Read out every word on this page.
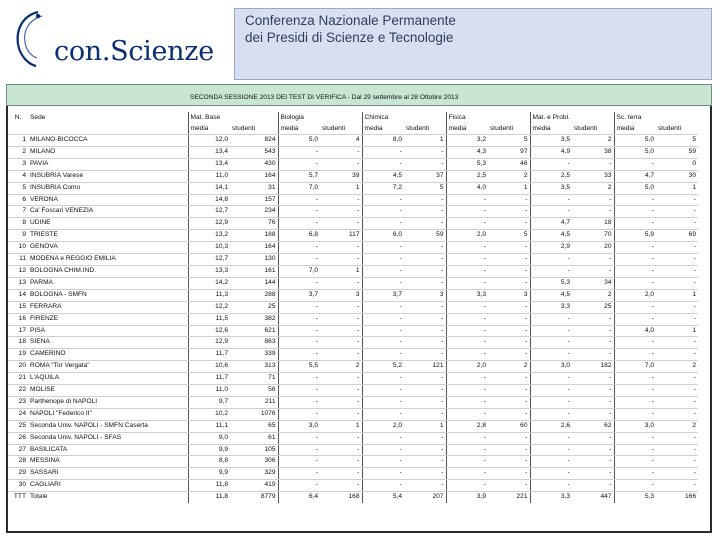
con.Scienze
Conferenza Nazionale Permanente
dei Presidi di Scienze e Tecnologie
SECONDA SESSIONE 2013 DEI TEST DI VERIFICA - Dal 29 settembre al 28 Ottobre 2013
N.	Sede	Mat. Base		Biologia		Chimica		Fisica		Mat. e Probl.		Sc. terra	
		media	studenti	media	studenti	media	studenti	media	studenti	media	studenti	media	studenti
1	MILANO-BICOCCA	12,0	824	5,0	4	8,0	1	3,2	5	3,5	2	5,0	5
2	MILANO	13,4	543	-	-	-	-	4,3	97	4,9	38	5,0	59
3	PAVIA	13,4	430	-	-	-	-	5,3	46	-	-	-	0
4	INSUBRIA Varese	11,0	164	5,7	39	4,5	37	2,5	2	2,5	33	4,7	30
5	INSUBRIA Como	14,1	31	7,0	1	7,2	5	4,0	1	3,5	2	5,0	1
6	VERONA	14,8	157	-	-	-	-	-	-	-	-	-	-
7	Ca' Foscari VENEZIA	12,7	234	-	-	-	-	-	-	-	-	-	-
8	UDINE	12,9	76	-	-	-	-	-	-	4,7	18	-	-
9	TRIESTE	13,2	188	6,8	117	6,0	59	2,0	5	4,5	70	5,9	69
10	GENOVA	10,3	164	-	-	-	-	-	-	2,9	20	-	-
11	MODENA e REGGIO EMILIA	12,7	130	-	-	-	-	-	-	-	-	-	-
12	BOLOGNA CHIM.IND.	13,3	161	7,0	1	-	-	-	-	-	-	-	-
13	PARMA	14,2	144	-	-	-	-	-	-	5,3	34	-	-
14	BOLOGNA - SMFN	11,3	288	3,7	3	3,7	3	3,3	3	4,5	2	2,0	1
15	FERRARA	12,2	25	-	-	-	-	-	-	3,3	25	-	-
16	FIRENZE	11,5	382	-	-	-	-	-	-	-	-	-	-
17	PISA	12,6	621	-	-	-	-	-	-	-	-	4,0	1
18	SIENA	12,9	863	-	-	-	-	-	-	-	-	-	-
19	CAMERINO	11,7	339	-	-	-	-	-	-	-	-	-	-
20	ROMA "Tor Vergata"	10,6	313	5,5	2	5,2	121	2,0	2	3,0	182	7,0	2
21	L'AQUILA	11,7	71	-	-	-	-	-	-	-	-	-	-
22	MOLISE	11,0	56	-	-	-	-	-	-	-	-	-	-
23	Parthenope di NAPOLI	9,7	211	-	-	-	-	-	-	-	-	-	-
24	NAPOLI "Federico II"	10,2	1076	-	-	-	-	-	-	-	-	-	-
25	Seconda Univ. NAPOLI - SMFN Caserta	11,1	65	3,0	1	2,0	1	2,8	60	2,6	62	3,0	2
26	Seconda Univ. NAPOLI - SFAS	9,0	61	-	-	-	-	-	-	-	-	-	-
27	BASILICATA	9,9	105	-	-	-	-	-	-	-	-	-	-
28	MESSINA	8,8	306	-	-	-	-	-	-	-	-	-	-
29	SASSARI	9,9	329	-	-	-	-	-	-	-	-	-	-
30	CAGLIARI	11,8	419	-	-	-	-	-	-	-	-	-	-
TTT	Totale	11,8	8779	6,4	168	5,4	207	3,9	221	3,3	447	5,3	166
